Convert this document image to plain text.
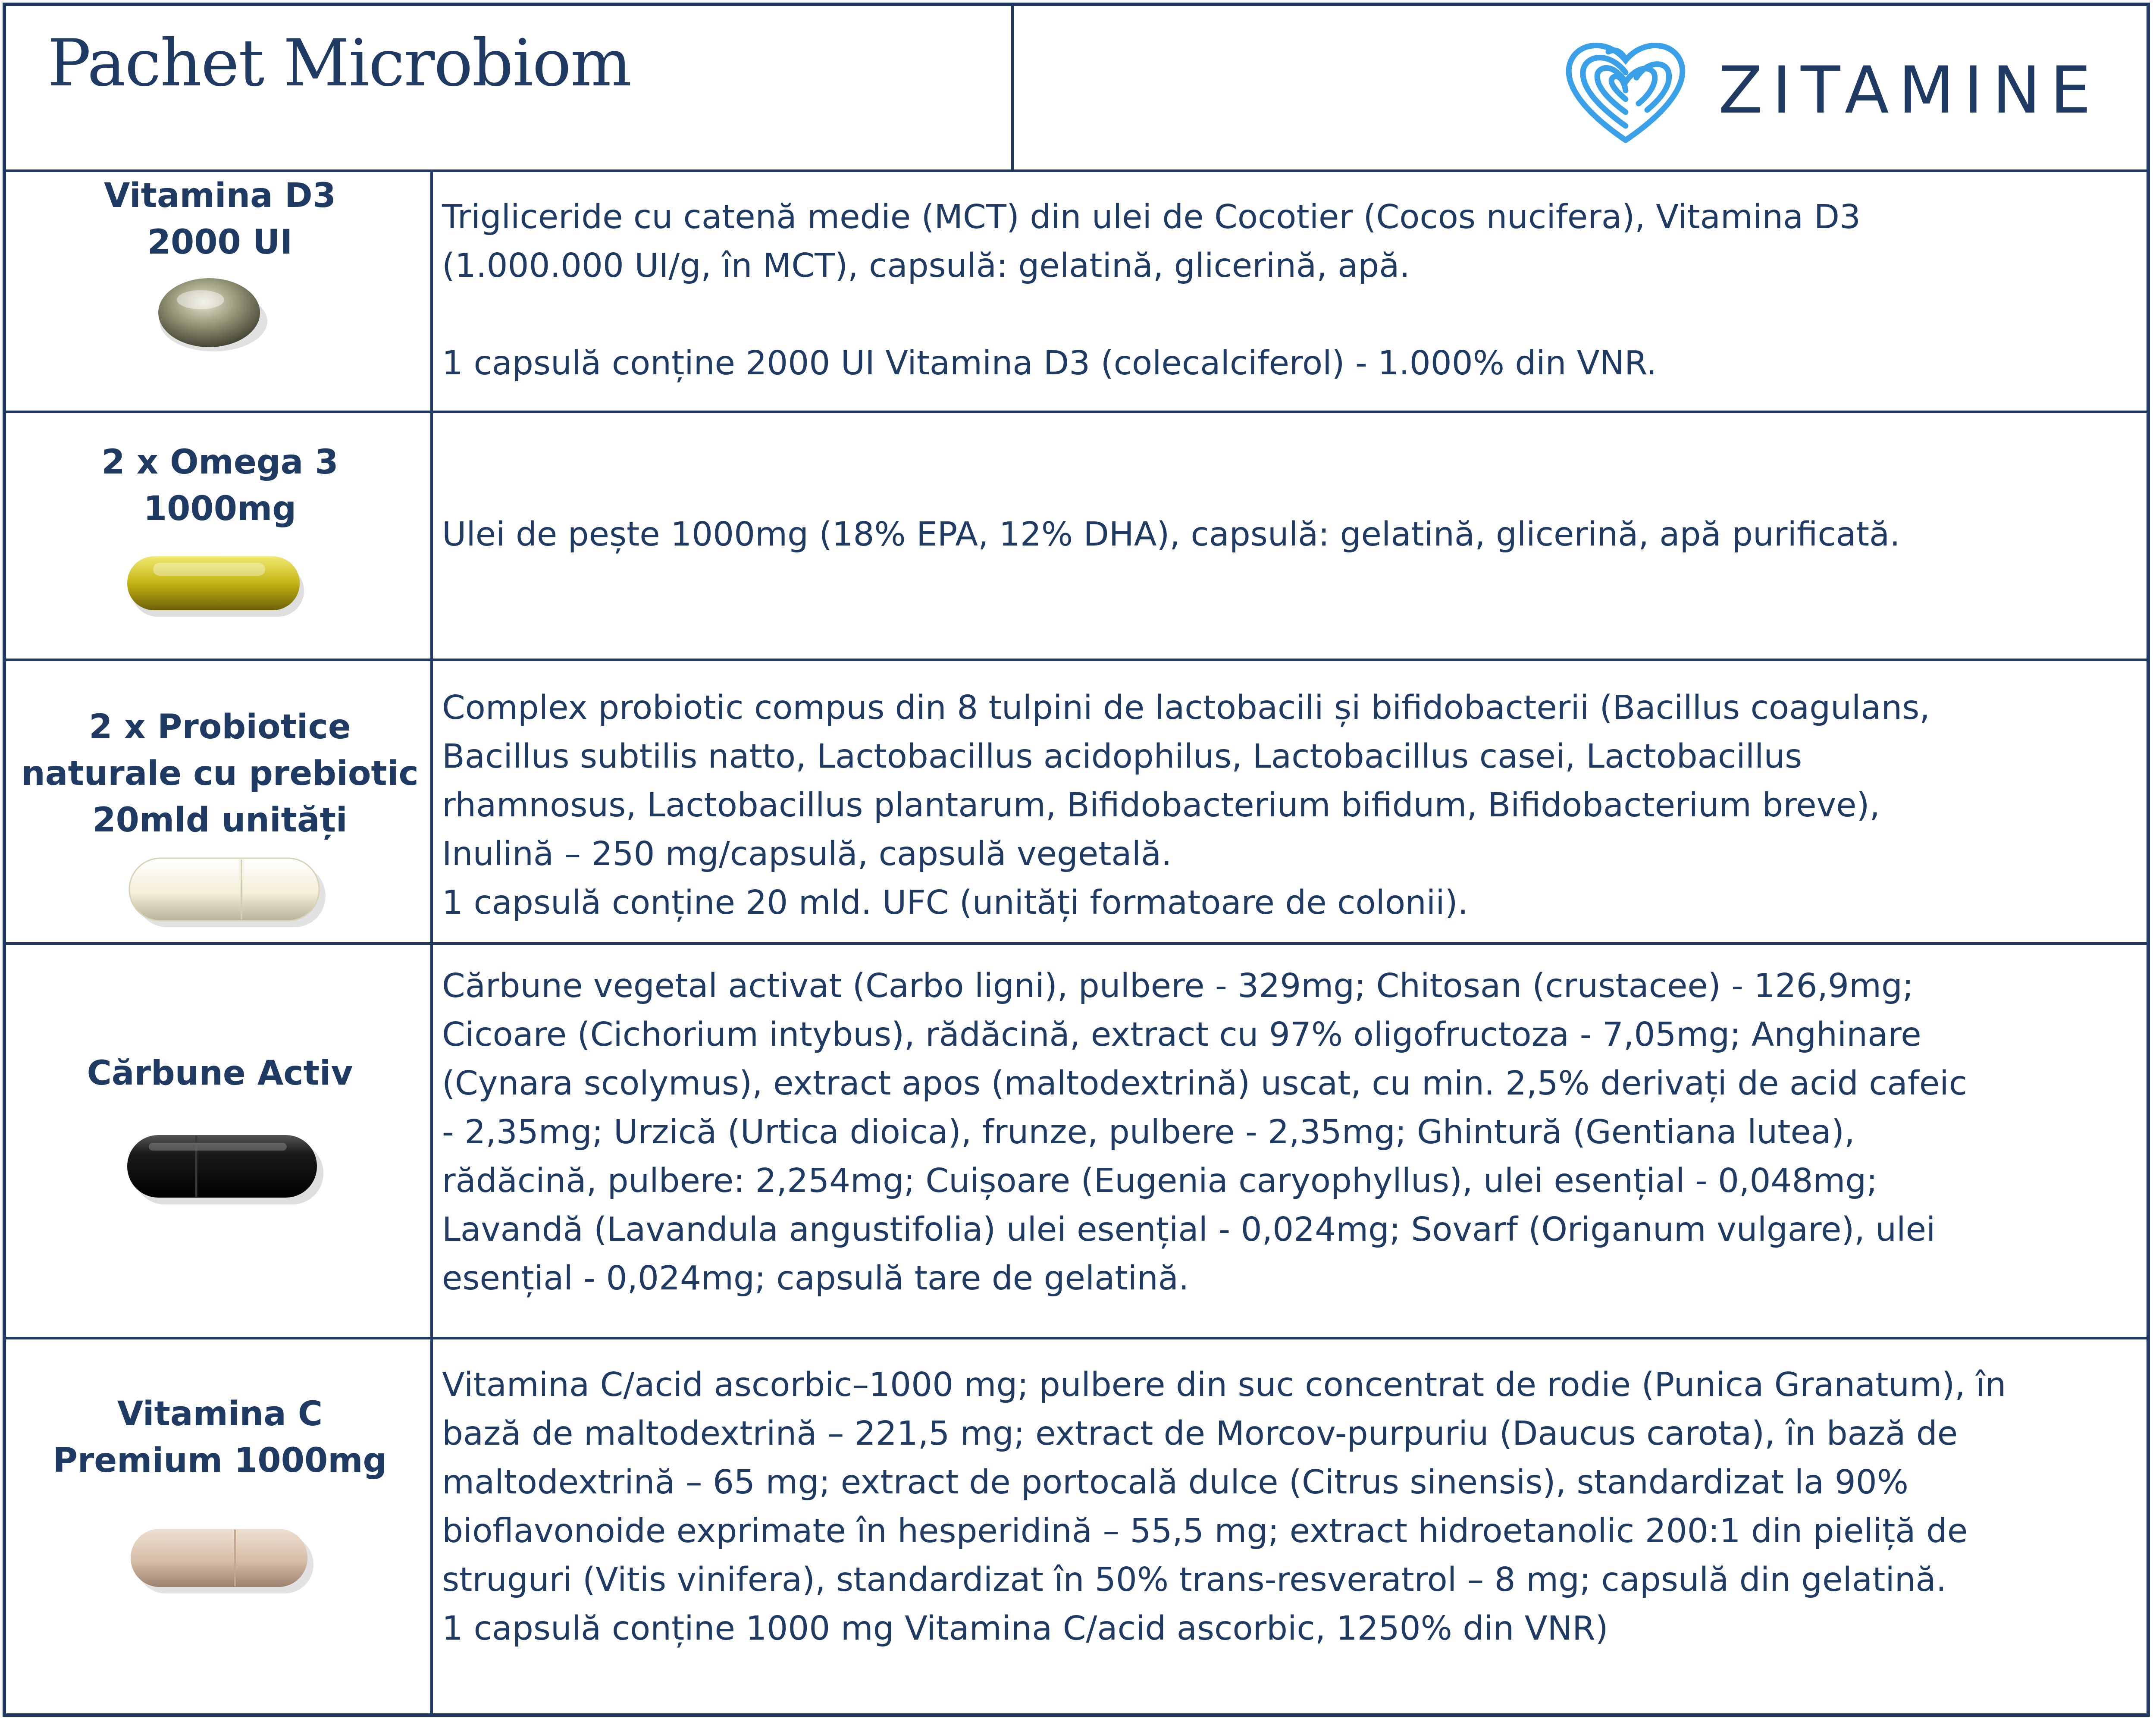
Pachet Microbiom	ZITAMINE
Vitamina D3
2000 UI
Trigliceride cu catenă medie (MCT) din ulei de Cocotier (Cocos nucifera), Vitamina D3
(1.000.000 UI/g, în MCT), capsulă: gelatină, glicerină, apă.

1 capsulă conține 2000 UI Vitamina D3 (colecalciferol) - 1.000% din VNR.
2 x Omega 3
1000mg
Ulei de pește 1000mg (18% EPA, 12% DHA), capsulă: gelatină, glicerină, apă purificată.
2 x Probiotice
naturale cu prebiotic
20mld unități
Complex probiotic compus din 8 tulpini de lactobacili și bifidobacterii (Bacillus coagulans,
Bacillus subtilis natto, Lactobacillus acidophilus, Lactobacillus casei, Lactobacillus
rhamnosus, Lactobacillus plantarum, Bifidobacterium bifidum, Bifidobacterium breve),
Inulină – 250 mg/capsulă, capsulă vegetală.
1 capsulă conține 20 mld. UFC (unități formatoare de colonii).
Cărbune Activ
Cărbune vegetal activat (Carbo ligni), pulbere - 329mg; Chitosan (crustacee) - 126,9mg;
Cicoare (Cichorium intybus), rădăcină, extract cu 97% oligofructoza - 7,05mg; Anghinare
(Cynara scolymus), extract apos (maltodextrină) uscat, cu min. 2,5% derivați de acid cafeic
- 2,35mg; Urzică (Urtica dioica), frunze, pulbere - 2,35mg; Ghintură (Gentiana lutea),
rădăcină, pulbere: 2,254mg; Cuișoare (Eugenia caryophyllus), ulei esențial - 0,048mg;
Lavandă (Lavandula angustifolia) ulei esențial - 0,024mg; Sovarf (Origanum vulgare), ulei
esențial - 0,024mg; capsulă tare de gelatină.
Vitamina C
Premium 1000mg
Vitamina C/acid ascorbic–1000 mg; pulbere din suc concentrat de rodie (Punica Granatum), în
bază de maltodextrină – 221,5 mg; extract de Morcov-purpuriu (Daucus carota), în bază de
maltodextrină – 65 mg; extract de portocală dulce (Citrus sinensis), standardizat la 90%
bioflavonoide exprimate în hesperidină – 55,5 mg; extract hidroetanolic 200:1 din pieliță de
struguri (Vitis vinifera), standardizat în 50% trans-resveratrol – 8 mg; capsulă din gelatină.
1 capsulă conține 1000 mg Vitamina C/acid ascorbic, 1250% din VNR)
